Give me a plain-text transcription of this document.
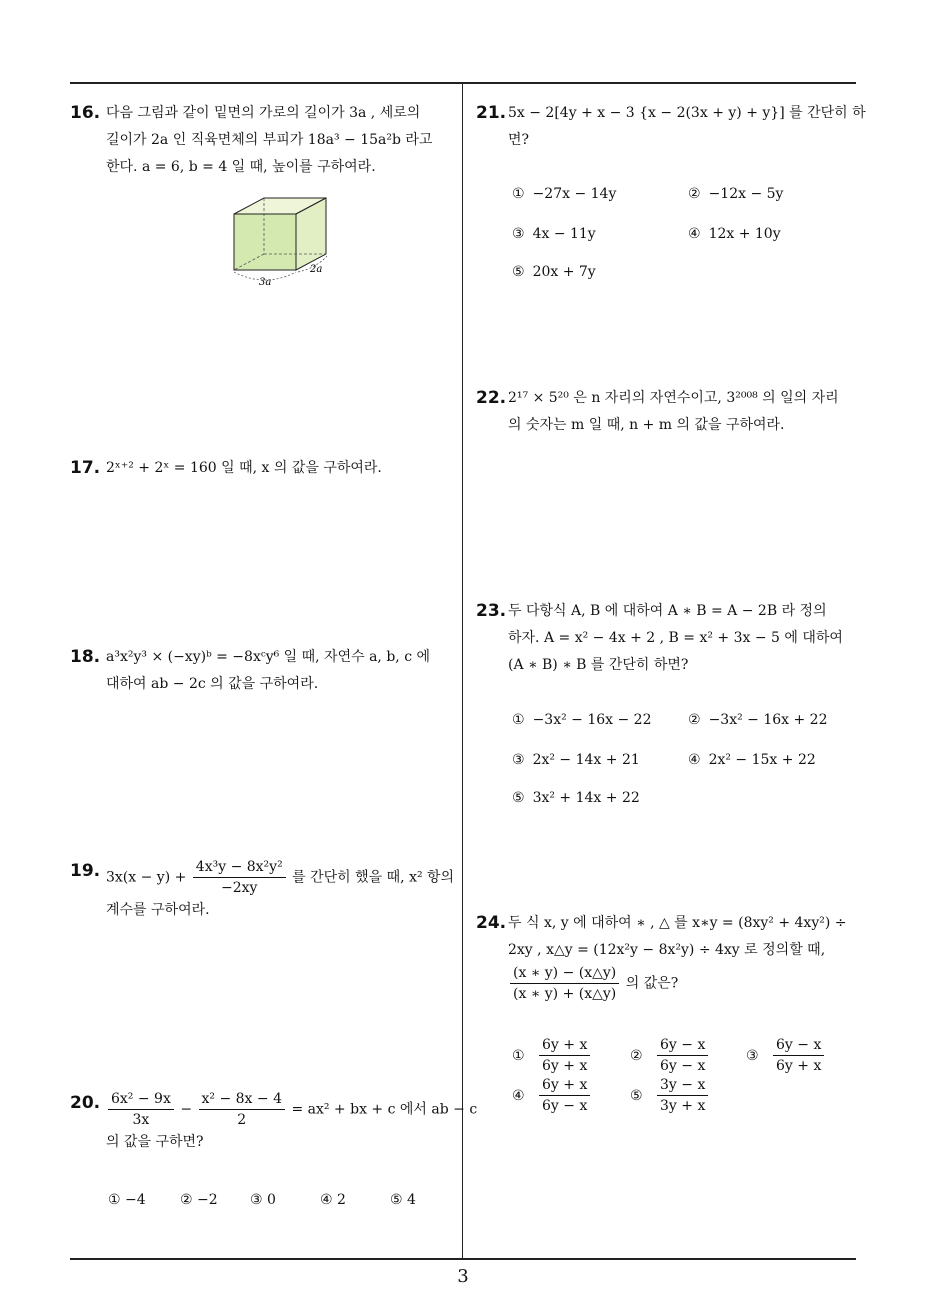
16. 다음 그림과 같이 밑면의 가로의 길이가 3a , 세로의
길이가 2a 인 직육면체의 부피가 18a³ − 15a²b 라고
한다. a = 6, b = 4 일 때, 높이를 구하여라.
3a
2a
17. 2ˣ⁺² + 2ˣ = 160 일 때, x 의 값을 구하여라.
18. a³x²y³ × (−xy)ᵇ = −8xᶜy⁶ 일 때, 자연수 a, b, c 에
대하여 ab − 2c 의 값을 구하여라.
19. $3x(x - y) + \frac{\text{4x³y − 8x²y²}}{-2xy}$ 를 간단히 했을 때, x² 항의
계수를 구하여라.
20. $\frac{\text{6x² − 9x}}{3x} - \frac{\text{x² − 8x − 4}}{2} = ax^2$ + bx + c 에서 ab − c
의 값을 구하면?
① −4 ② −2 ③ 0	④ 2	⑤ 4
21. 5x − 2[4y + x − 3 {x − 2(3x + y) + y}] 를 간단히 하
면?
① −27x − 14y	② −12x − 5y
③ 4x − 11y	④ 12x + 10y
⑤ 20x + 7y
22. 2¹⁷ × 5²⁰ 은 n 자리의 자연수이고, 3²⁰⁰⁸ 의 일의 자리
의 숫자는 m 일 때, n + m 의 값을 구하여라.
23. 두 다항식 A, B 에 대하여 A ∗ B = A − 2B 라 정의
하자. A = x² − 4x + 2 , B = x² + 3x − 5 에 대하여
(A ∗ B) ∗ B 를 간단히 하면?
① −3x² − 16x − 22	② −3x² − 16x + 22
③ 2x² − 14x + 21	④ 2x² − 15x + 22
⑤ 3x² + 14x + 22
24. 두 식 x, y 에 대하여 ∗ , △ 를 x∗y = (8xy² + 4xy²) ÷
2xy , x△y = (12x²y − 8x²y) ÷ 4xy 로 정의할 때,
$\frac{(x ∗ y) - (x\triangle y)}{(x ∗ y) + (x\triangle y)}$ 의 값은?
① $\frac{6y + x}{6y + x}$	② $\frac{6y - x}{6y - x}$	③ $\frac{6y - x}{6y + x}$
④ $\frac{6y + x}{6y - x}$	⑤ $\frac{3y - x}{3y + x}$
3
